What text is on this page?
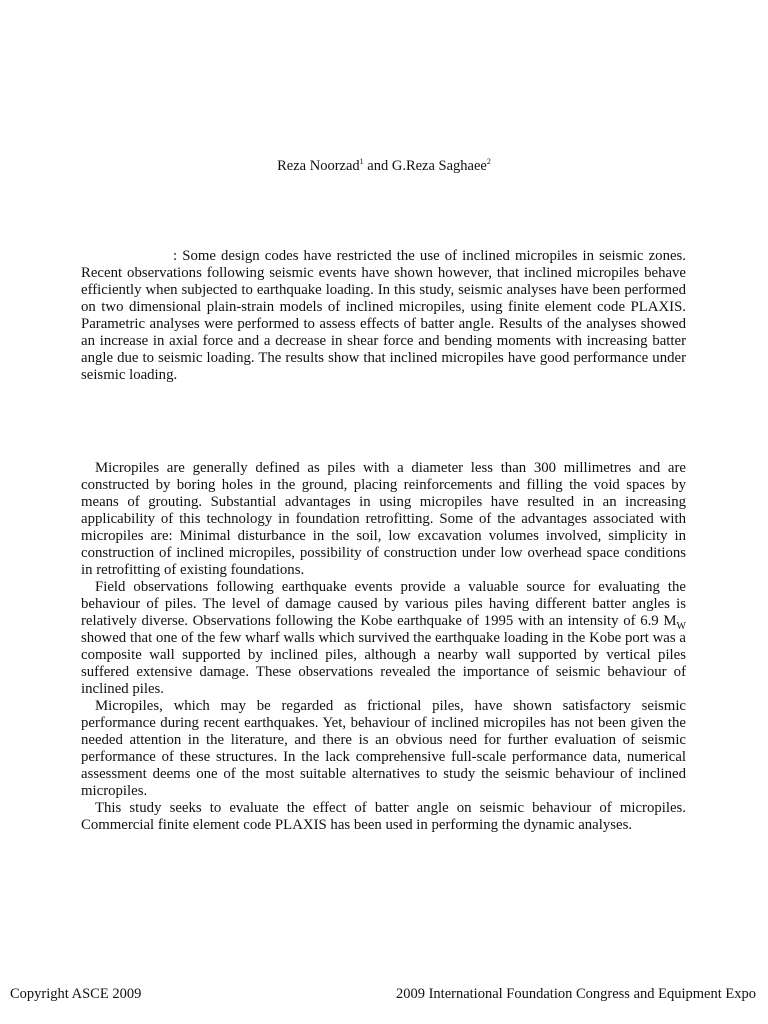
Reza Noorzad$^1$ and G.Reza Saghaee$^2$
: Some design codes have restricted the use of inclined micropiles in seismic zones. Recent observations following seismic events have shown however, that inclined micropiles behave efficiently when subjected to earthquake loading. In this study, seismic analyses have been performed on two dimensional plain-strain models of inclined micropiles, using finite element code PLAXIS. Parametric analyses were performed to assess effects of batter angle. Results of the analyses showed an increase in axial force and a decrease in shear force and bending moments with increasing batter angle due to seismic loading. The results show that inclined micropiles have good performance under seismic loading.

Micropiles are generally defined as piles with a diameter less than 300 millimetres and are constructed by boring holes in the ground, placing reinforcements and filling the void spaces by means of grouting. Substantial advantages in using micropiles have resulted in an increasing applicability of this technology in foundation retrofitting. Some of the advantages associated with micropiles are: Minimal disturbance in the soil, low excavation volumes involved, simplicity in construction of inclined micropiles, possibility of construction under low overhead space conditions in retrofitting of existing foundations.

Field observations following earthquake events provide a valuable source for evaluating the behaviour of piles. The level of damage caused by various piles having different batter angles is relatively diverse. Observations following the Kobe earthquake of 1995 with an intensity of 6.9 $M_W$ showed that one of the few wharf walls which survived the earthquake loading in the Kobe port was a composite wall supported by inclined piles, although a nearby wall supported by vertical piles suffered extensive damage. These observations revealed the importance of seismic behaviour of inclined piles.

Micropiles, which may be regarded as frictional piles, have shown satisfactory seismic performance during recent earthquakes. Yet, behaviour of inclined micropiles has not been given the needed attention in the literature, and there is an obvious need for further evaluation of seismic performance of these structures. In the lack comprehensive full-scale performance data, numerical assessment deems one of the most suitable alternatives to study the seismic behaviour of inclined micropiles.

This study seeks to evaluate the effect of batter angle on seismic behaviour of micropiles. Commercial finite element code PLAXIS has been used in performing the dynamic analyses.

Copyright ASCE 2009	2009 International Foundation Congress and Equipment Expo
